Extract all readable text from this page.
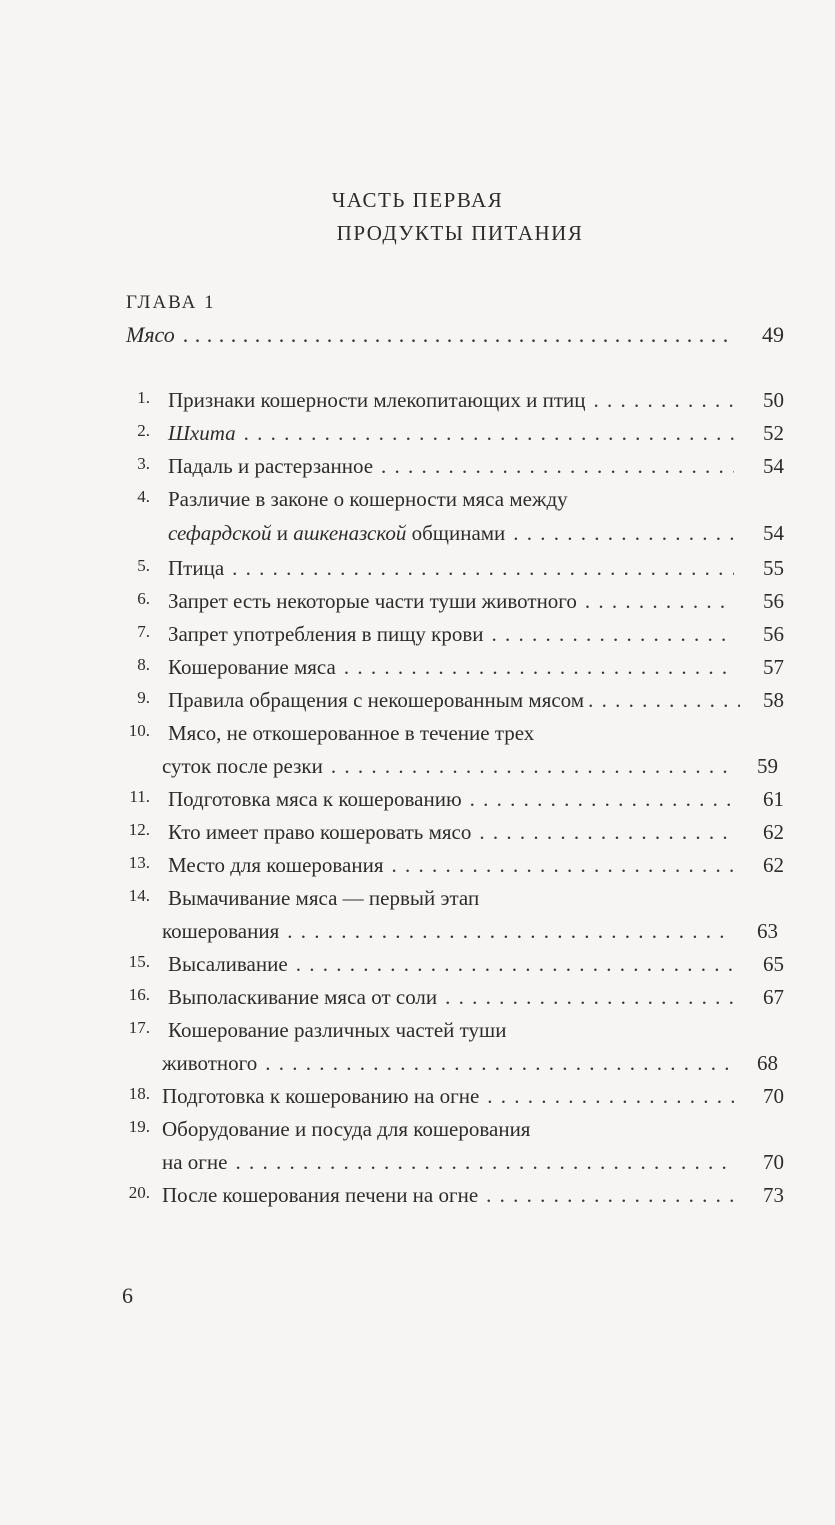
ЧАСТЬ ПЕРВАЯ
ПРОДУКТЫ ПИТАНИЯ
ГЛАВА 1
Мясо . . .	49
1. Признаки кошерности млекопитающих и птиц . . .	50
2. Шхита . . .	52
3. Падаль и растерзанное . . .	54
4. Различие в законе о кошерности мяса между
сефардской и ашкеназской общинами . . .	54
5. Птица . . .	55
6. Запрет есть некоторые части туши животного . . .	56
7. Запрет употребления в пищу крови . . .	56
8. Кошерование мяса . . .	57
9. Правила обращения с некошерованным мясом . . .	58
10. Мясо, не откошерованное в течение трех
суток после резки . . .	59
11. Подготовка мяса к кошерованию . . .	61
12. Кто имеет право кошеровать мясо . . .	62
13. Место для кошерования . . .	62
14. Вымачивание мяса — первый этап
кошерования . . .	63
15. Высаливание . . .	65
16. Выполаскивание мяса от соли . . .	67
17. Кошерование различных частей туши
животного . . .	68
18. Подготовка к кошерованию на огне . . .	70
19. Оборудование и посуда для кошерования
на огне . . .	70
20. После кошерования печени на огне . . .	73
6
